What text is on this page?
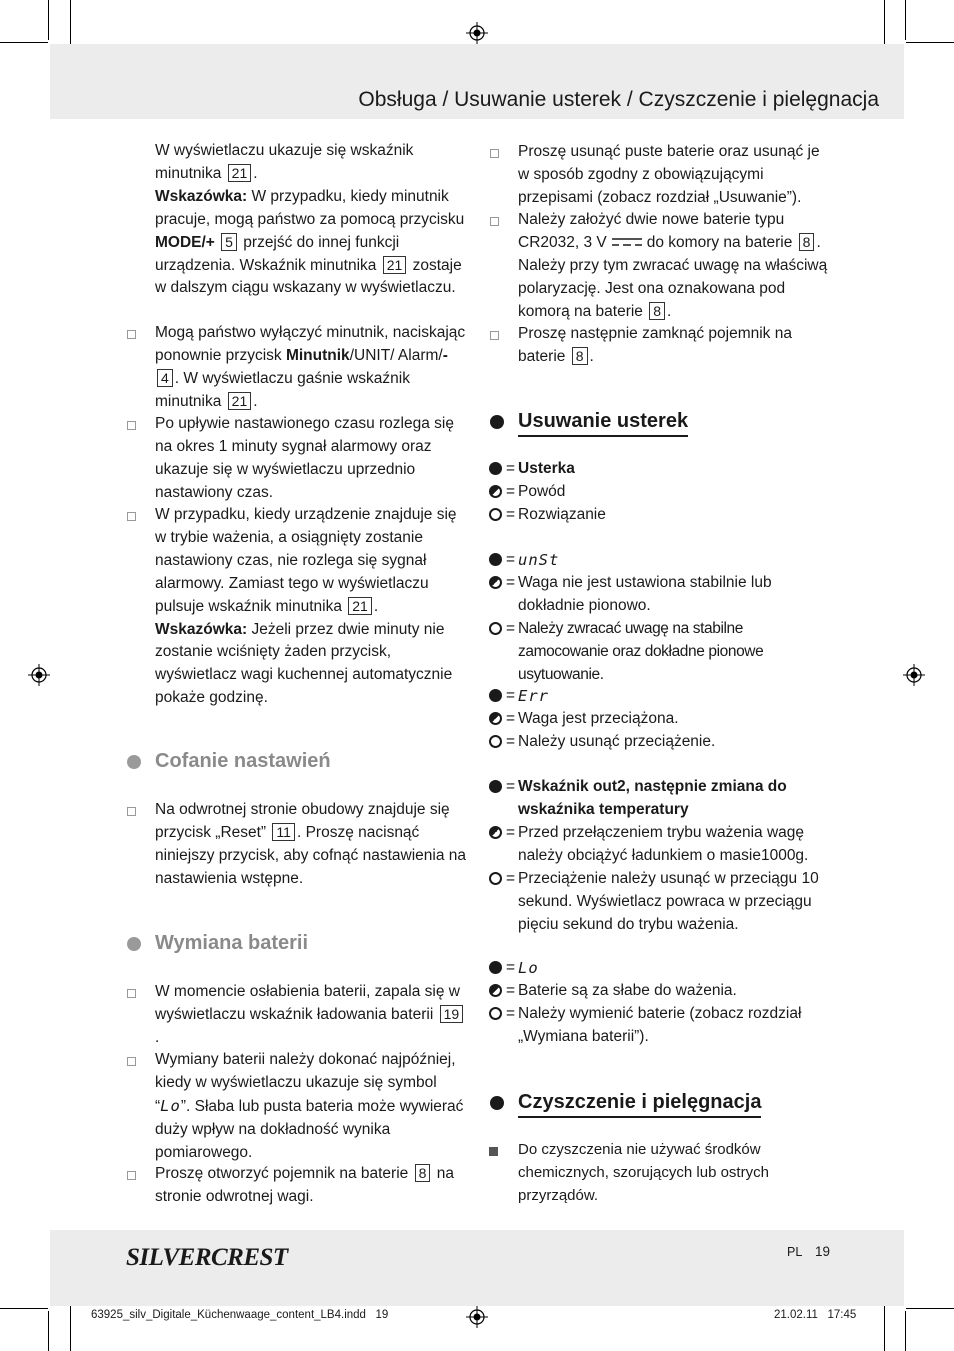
Obsługa / Usuwanie usterek / Czyszczenie i pielęgnacja

W wyświetlaczu ukazuje się wskaźnik minutnika 21 .

Wskazówka: W przypadku, kiedy minutnik pracuje, mogą państwo za pomocą przycisku MODE/+ 5 przejść do innej funkcji urządzenia. Wskaźnik minutnika 21 zostaje w dalszym ciągu wskazany w wyświetlaczu.

Mogą państwo wyłączyć minutnik, naciskając ponownie przycisk Minutnik/UNIT/ Alarm/- 4 . W wyświetlaczu gaśnie wskaźnik minutnika 21 .

Po upływie nastawionego czasu rozlega się na okres 1 minuty sygnał alarmowy oraz ukazuje się w wyświetlaczu uprzednio nastawiony czas.

W przypadku, kiedy urządzenie znajduje się w trybie ważenia, a osiągnięty zostanie nastawiony czas, nie rozlega się sygnał alarmowy. Zamiast tego w wyświetlaczu pulsuje wskaźnik minutnika 21 .

Wskazówka: Jeżeli przez dwie minuty nie zostanie wciśnięty żaden przycisk, wyświetlacz wagi kuchennej automatycznie pokaże godzinę.

Cofanie nastawień

Na odwrotnej stronie obudowy znajduje się przycisk „Reset” 11 . Proszę nacisnąć niniejszy przycisk, aby cofnąć nastawienia na nastawienia wstępne.

Wymiana baterii

W momencie osłabienia baterii, zapala się w wyświetlaczu wskaźnik ładowania baterii 19.

Wymiany baterii należy dokonać najpóźniej, kiedy w wyświetlaczu ukazuje się symbol “Lo”. Słaba lub pusta bateria może wywierać duży wpływ na dokładność wynika pomiarowego.

Proszę otworzyć pojemnik na baterie 8 na stronie odwrotnej wagi.

Proszę usunąć puste baterie oraz usunąć je w sposób zgodny z obowiązującymi przepisami (zobacz rozdział „Usuwanie”).

Należy założyć dwie nowe baterie typu CR2032, 3 V	do komory na baterie 8 . Należy przy tym zwracać uwagę na właściwą polaryzację. Jest ona oznakowana pod komorą na baterie 8 .

Proszę następnie zamknąć pojemnik na baterie 8 .

Usuwanie usterek
= Usterka
= Powód
= Rozwiązanie
= unSt
= Waga nie jest ustawiona stabilnie lub dokładnie pionowo.
= Należy zwracać uwagę na stabilne zamocowanie oraz dokładne pionowe usytuowanie.
= Err
= Waga jest przeciążona.
= Należy usunąć przeciążenie.
= Wskaźnik out2, następnie zmiana do wskaźnika temperatury
= Przed przełączeniem trybu ważenia wagę należy obciążyć ładunkiem o masie1000g.
= Przeciążenie należy usunąć w przeciągu 10 sekund. Wyświetlacz powraca w przeciągu pięciu sekund do trybu ważenia.
= Lo
= Baterie są za słabe do ważenia.
= Należy wymienić baterie (zobacz rozdział „Wymiana baterii”).
Czyszczenie i pielęgnacja

Do czyszczenia nie używać środków chemicznych, szorujących lub ostrych przyrządów.

SILVERCREST	PL 19
63925_silv_Digitale_Küchenwaage_content_LB4.indd   19	21.02.11   17:45
